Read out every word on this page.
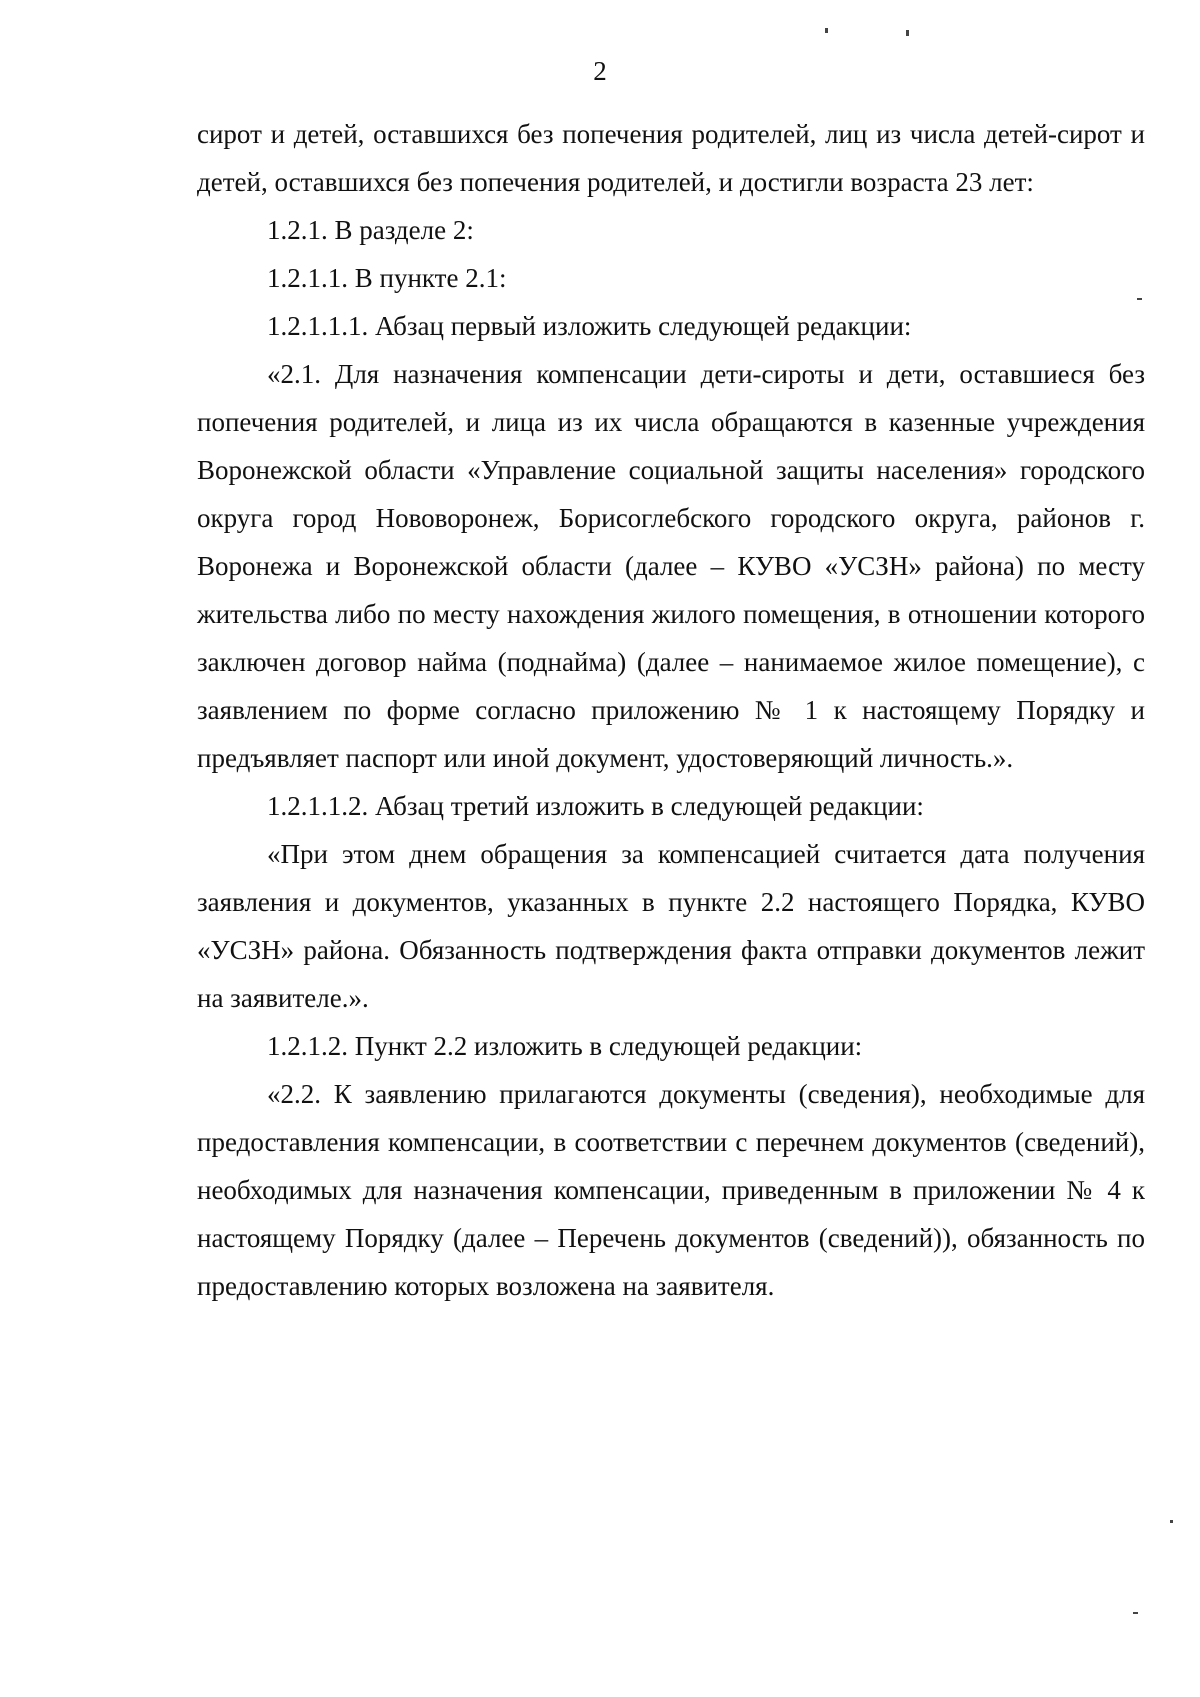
2

сирот и детей, оставшихся без попечения родителей, лиц из числа детей-сирот и детей, оставшихся без попечения родителей, и достигли возраста 23 лет:

1.2.1. В разделе 2:

1.2.1.1. В пункте 2.1:

1.2.1.1.1. Абзац первый изложить следующей редакции:

«2.1. Для назначения компенсации дети-сироты и дети, оставшиеся без попечения родителей, и лица из их числа обращаются в казенные учреждения Воронежской области «Управление социальной защиты населения» городского округа город Нововоронеж, Борисоглебского городского округа, районов г. Воронежа и Воронежской области (далее – КУВО «УСЗН» района) по месту жительства либо по месту нахождения жилого помещения, в отношении которого заключен договор найма (поднайма) (далее – нанимаемое жилое помещение), с заявлением по форме согласно приложению № 1 к настоящему Порядку и предъявляет паспорт или иной документ, удостоверяющий личность.».

1.2.1.1.2. Абзац третий изложить в следующей редакции:

«При этом днем обращения за компенсацией считается дата получения заявления и документов, указанных в пункте 2.2 настоящего Порядка, КУВО «УСЗН» района. Обязанность подтверждения факта отправки документов лежит на заявителе.».

1.2.1.2. Пункт 2.2 изложить в следующей редакции:

«2.2. К заявлению прилагаются документы (сведения), необходимые для предоставления компенсации, в соответствии с перечнем документов (сведений), необходимых для назначения компенсации, приведенным в приложении № 4 к настоящему Порядку (далее – Перечень документов (сведений)), обязанность по предоставлению которых возложена на заявителя.
